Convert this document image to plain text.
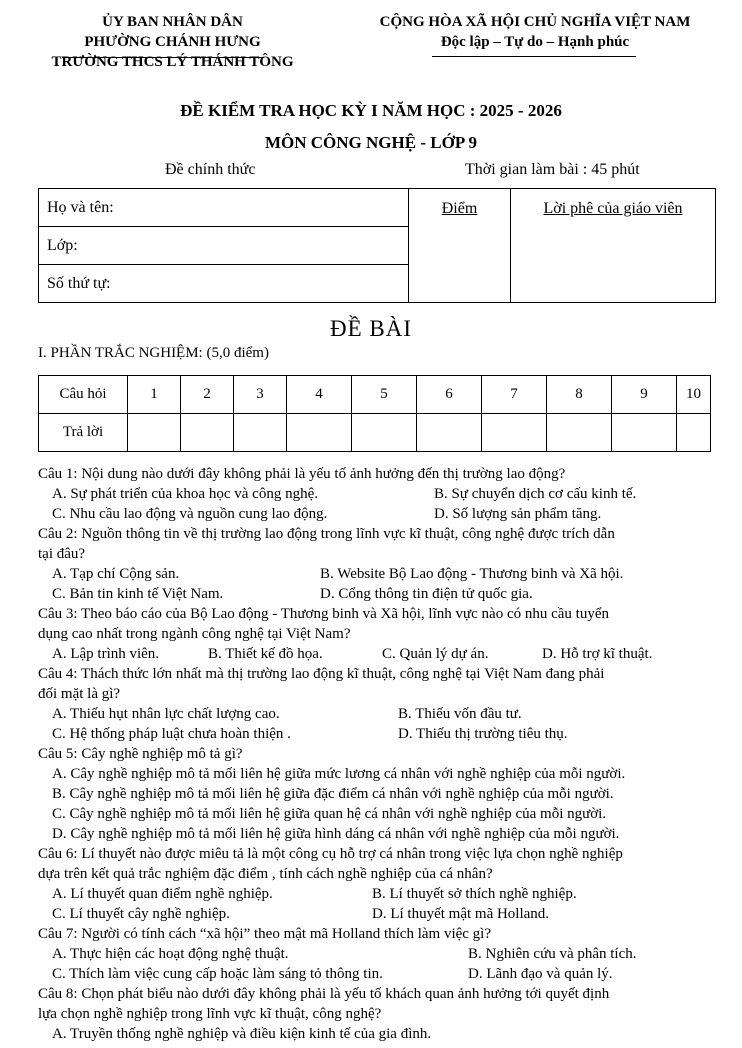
ỦY BAN NHÂN DÂN
PHƯỜNG CHÁNH HƯNG
TRƯỜNG THCS LÝ THÁNH TÔNG
CỘNG HÒA XÃ HỘI CHỦ NGHĨA VIỆT NAM
Độc lập – Tự do – Hạnh phúc
ĐỀ KIỂM TRA HỌC KỲ I NĂM HỌC : 2025 - 2026
MÔN CÔNG NGHỆ - LỚP 9
Đề chính thức	Thời gian làm bài : 45 phút
Họ và tên:	Điểm	Lời phê của giáo viên
Lớp:
Số thứ tự:
ĐỀ BÀI
I. PHẦN TRẮC NGHIỆM: (5,0 điểm)
Câu hỏi	1	2	3	4	5	6	7	8	9	10
Trả lời										
Câu 1: Nội dung nào dưới đây không phải là yếu tố ảnh hưởng đến thị trường lao động?
A. Sự phát triển của khoa học và công nghệ.	B. Sự chuyển dịch cơ cấu kinh tế.
C. Nhu cầu lao động và nguồn cung lao động.	D. Số lượng sản phẩm tăng.
Câu 2: Nguồn thông tin về thị trường lao động trong lĩnh vực kĩ thuật, công nghệ được trích dẫn
tại đâu?
A. Tạp chí Cộng sản.	B. Website Bộ Lao động - Thương binh và Xã hội.
C. Bản tin kinh tế Việt Nam.	D. Cổng thông tin điện tử quốc gia.
Câu 3: Theo báo cáo của Bộ Lao động - Thương binh và Xã hội, lĩnh vực nào có nhu cầu tuyển
dụng cao nhất trong ngành công nghệ tại Việt Nam?
A. Lập trình viên.	B. Thiết kế đồ họa.	C. Quản lý dự án.	D. Hỗ trợ kĩ thuật.
Câu 4: Thách thức lớn nhất mà thị trường lao động kĩ thuật, công nghệ tại Việt Nam đang phải
đối mặt là gì?
A. Thiếu hụt nhân lực chất lượng cao.	B. Thiếu vốn đầu tư.
C. Hệ thống pháp luật chưa hoàn thiện .	D. Thiếu thị trường tiêu thụ.
Câu 5: Cây nghề nghiệp mô tả gì?
A. Cây nghề nghiệp mô tả mối liên hệ giữa mức lương cá nhân với nghề nghiệp của mỗi người.
B. Cây nghề nghiệp mô tả mối liên hệ giữa đặc điểm cá nhân với nghề nghiệp của mỗi người.
C. Cây nghề nghiệp mô tả mối liên hệ giữa quan hệ cá nhân với nghề nghiệp của mỗi người.
D. Cây nghề nghiệp mô tả mối liên hệ giữa hình dáng cá nhân với nghề nghiệp của mỗi người.
Câu 6: Lí thuyết nào được miêu tả là một công cụ hỗ trợ cá nhân trong việc lựa chọn nghề nghiệp
dựa trên kết quả trắc nghiệm đặc điểm , tính cách nghề nghiệp của cá nhân?
A. Lí thuyết quan điểm nghề nghiệp.	B. Lí thuyết sở thích nghề nghiệp.
C. Lí thuyết cây nghề nghiệp.	D. Lí thuyết mật mã Holland.
Câu 7: Người có tính cách “xã hội” theo mật mã Holland thích làm việc gì?
A. Thực hiện các hoạt động nghệ thuật.	B. Nghiên cứu và phân tích.
C. Thích làm việc cung cấp hoặc làm sáng tỏ thông tin.	D. Lãnh đạo và quản lý.
Câu 8: Chọn phát biểu nào dưới đây không phải là yếu tố khách quan ảnh hưởng tới quyết định
lựa chọn nghề nghiệp trong lĩnh vực kĩ thuật, công nghệ?
A. Truyền thống nghề nghiệp và điều kiện kinh tế của gia đình.
